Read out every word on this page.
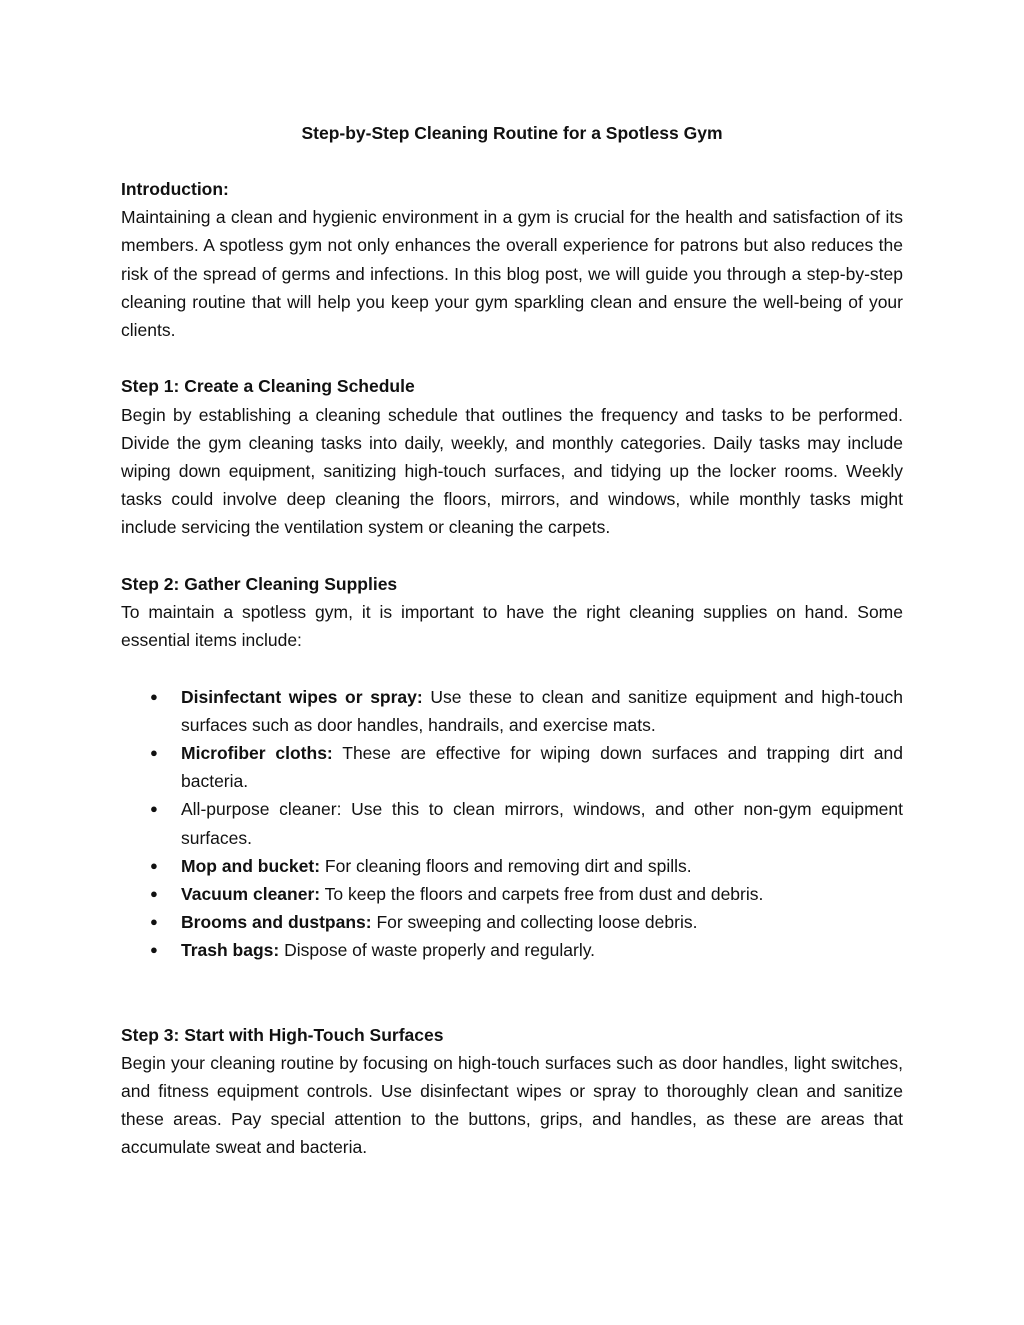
Step-by-Step Cleaning Routine for a Spotless Gym

Introduction:

Maintaining a clean and hygienic environment in a gym is crucial for the health and satisfaction of its members. A spotless gym not only enhances the overall experience for patrons but also reduces the risk of the spread of germs and infections. In this blog post, we will guide you through a step-by-step cleaning routine that will help you keep your gym sparkling clean and ensure the well-being of your clients.

Step 1: Create a Cleaning Schedule

Begin by establishing a cleaning schedule that outlines the frequency and tasks to be performed. Divide the gym cleaning tasks into daily, weekly, and monthly categories. Daily tasks may include wiping down equipment, sanitizing high-touch surfaces, and tidying up the locker rooms. Weekly tasks could involve deep cleaning the floors, mirrors, and windows, while monthly tasks might include servicing the ventilation system or cleaning the carpets.

Step 2: Gather Cleaning Supplies

To maintain a spotless gym, it is important to have the right cleaning supplies on hand. Some essential items include:

● Disinfectant wipes or spray: Use these to clean and sanitize equipment and high-touch surfaces such as door handles, handrails, and exercise mats.
● Microfiber cloths: These are effective for wiping down surfaces and trapping dirt and bacteria.
● All-purpose cleaner: Use this to clean mirrors, windows, and other non-gym equipment surfaces.
● Mop and bucket: For cleaning floors and removing dirt and spills.
● Vacuum cleaner: To keep the floors and carpets free from dust and debris.
● Brooms and dustpans: For sweeping and collecting loose debris.
● Trash bags: Dispose of waste properly and regularly.

Step 3: Start with High-Touch Surfaces

Begin your cleaning routine by focusing on high-touch surfaces such as door handles, light switches, and fitness equipment controls. Use disinfectant wipes or spray to thoroughly clean and sanitize these areas. Pay special attention to the buttons, grips, and handles, as these are areas that accumulate sweat and bacteria.
